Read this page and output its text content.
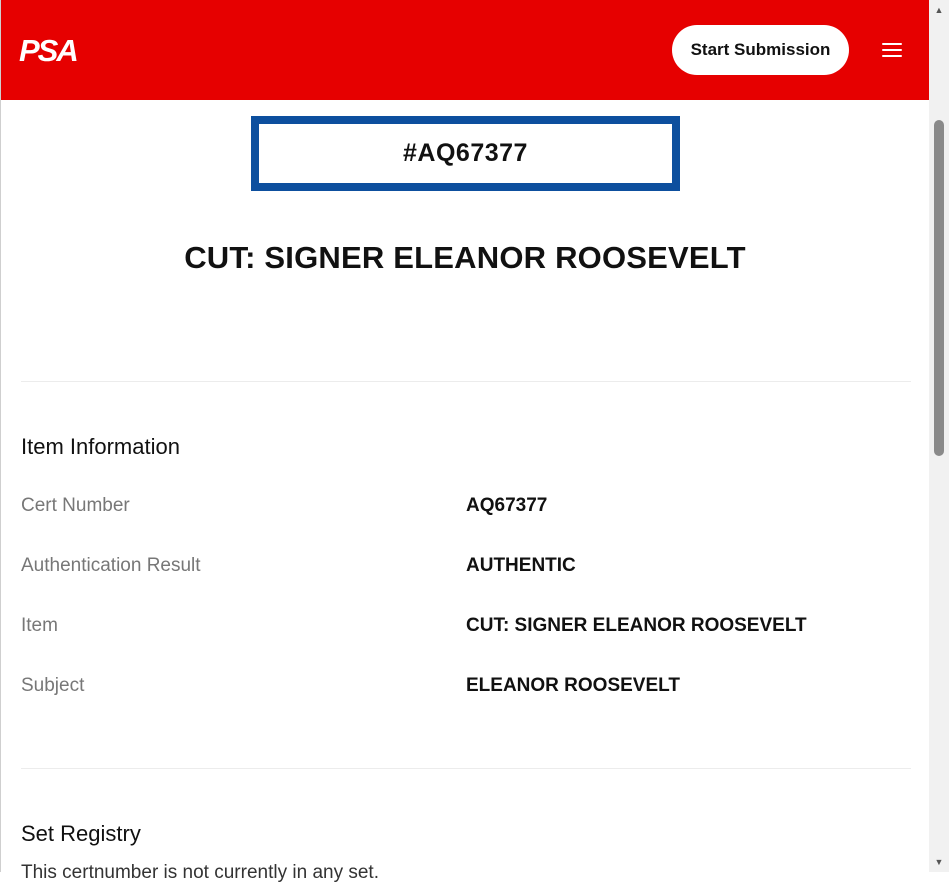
PSA	Start Submission
#AQ67377
CUT: SIGNER ELEANOR ROOSEVELT
Item Information
Cert Number	AQ67377
Authentication Result	AUTHENTIC
Item	CUT: SIGNER ELEANOR ROOSEVELT
Subject	ELEANOR ROOSEVELT
Set Registry
This certnumber is not currently in any set.
▲
▼
